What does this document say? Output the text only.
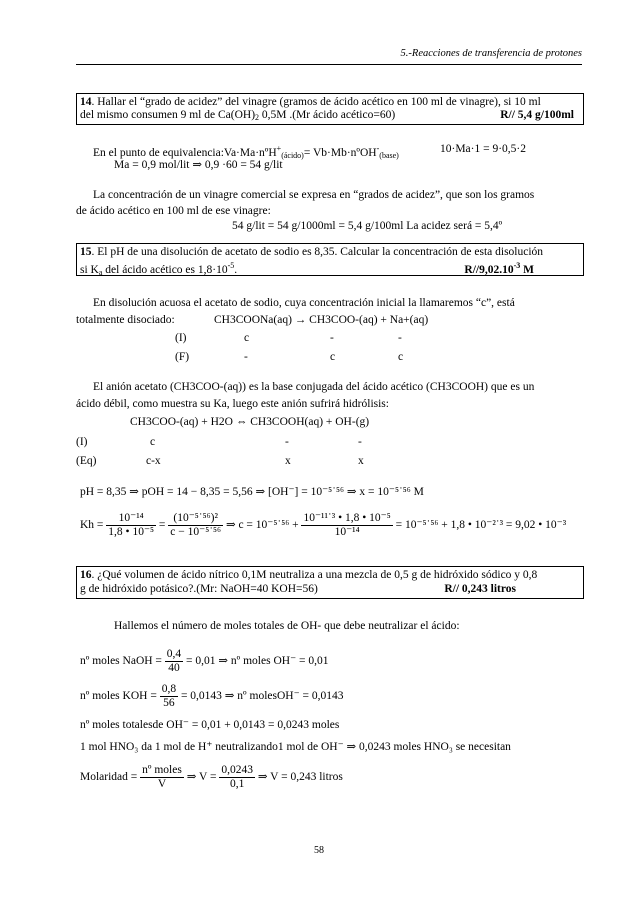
5.-Reacciones de transferencia de protones
14. Hallar el “grado de acidez” del vinagre (gramos de ácido acético en 100 ml de vinagre), si 10 ml
del mismo consumen 9 ml de $Ca(OH)_2$ 0,5M .(Mr ácido acético=60)	R// 5,4 g/100ml
En el punto de equivalencia:Va·Ma·nºH+$_{(ácido)}$= Vb·Mb·nºOH-$_{(base)}$
10·Ma·1 = 9·0,5·2
Ma = 0,9 mol/lit ⇒ 0,9 ·60 = 54 g/lit
La concentración de un vinagre comercial se expresa en “grados de acidez”, que son los gramos
de ácido acético en 100 ml de ese vinagre:
54 g/lit = 54 g/1000ml = 5,4 g/100ml La acidez será = 5,4º
15. El pH de una disolución de acetato de sodio es 8,35. Calcular la concentración de esta disolución
si $K_a$ del ácido acético es $1,8\cdot 10^{-5}$.	$R//9,02.10^{-3}$ M
En disolución acuosa el acetato de sodio, cuya concentración inicial la llamaremos “c”, está
totalmente disociado:	CH3COONa(aq) → CH3COO-(aq) + Na+(aq)
(I)	c	-	-
(F)	-	c	c
El anión acetato (CH3COO-(aq)) es la base conjugada del ácido acético (CH3COOH) que es un
ácido débil, como muestra su Ka, luego este anión sufrirá hidrólisis:
CH3COO-(aq) + H2O ⇔ CH3COOH(aq) + OH-(g)
(I)	c	-	-
(Eq)	c-x	x	x
pH = 8,35 ⇒ pOH = 14 − 8,35 = 5,56 ⇒ [OH⁻] = 10⁻⁵˙⁵⁶ ⇒ x = 10⁻⁵˙⁵⁶ M
$Kh = \frac{\text{10⁻¹⁴}}{\text{1,8 • 10⁻⁵}} = \frac{\text{(10⁻⁵˙⁵⁶)²}}{\text{c − 10⁻⁵˙⁵⁶}}$ ⇒ c = 10⁻⁵˙⁵⁶ + $\frac{\text{10⁻¹¹˙³ • 1,8 • 10⁻⁵}}{\text{10⁻¹⁴}}$ = 10⁻⁵˙⁵⁶ + 1,8 • 10⁻²˙³ = 9,02 • 10⁻³
16. ¿Qué volumen de ácido nítrico 0,1M neutraliza a una mezcla de 0,5 g de hidróxido sódico y 0,8
g de hidróxido potásico?.(Mr: NaOH=40 KOH=56)	R// 0,243 litros
Hallemos el número de moles totales de OH- que debe neutralizar el ácido:
nº moles NaOH = $\frac{0,4}{40} = 0,01$ ⇒ nº moles OH⁻ = 0,01
nº moles KOH = $\frac{0,8}{56} = 0,0143$ ⇒ nº molesOH⁻ = 0,0143
nº moles totalesde OH⁻ = 0,01 + 0,0143 = 0,0243 moles
1 mol HNO₃ da 1 mol de H⁺ neutralizando1 mol de OH⁻ ⇒ 0,0243 moles HNO₃ se necesitan
Molaridad = $\frac{\text{nº moles}}{V}$ ⇒ $V = \frac{0,0243}{0,1}$ ⇒ V = 0,243 litros
58
